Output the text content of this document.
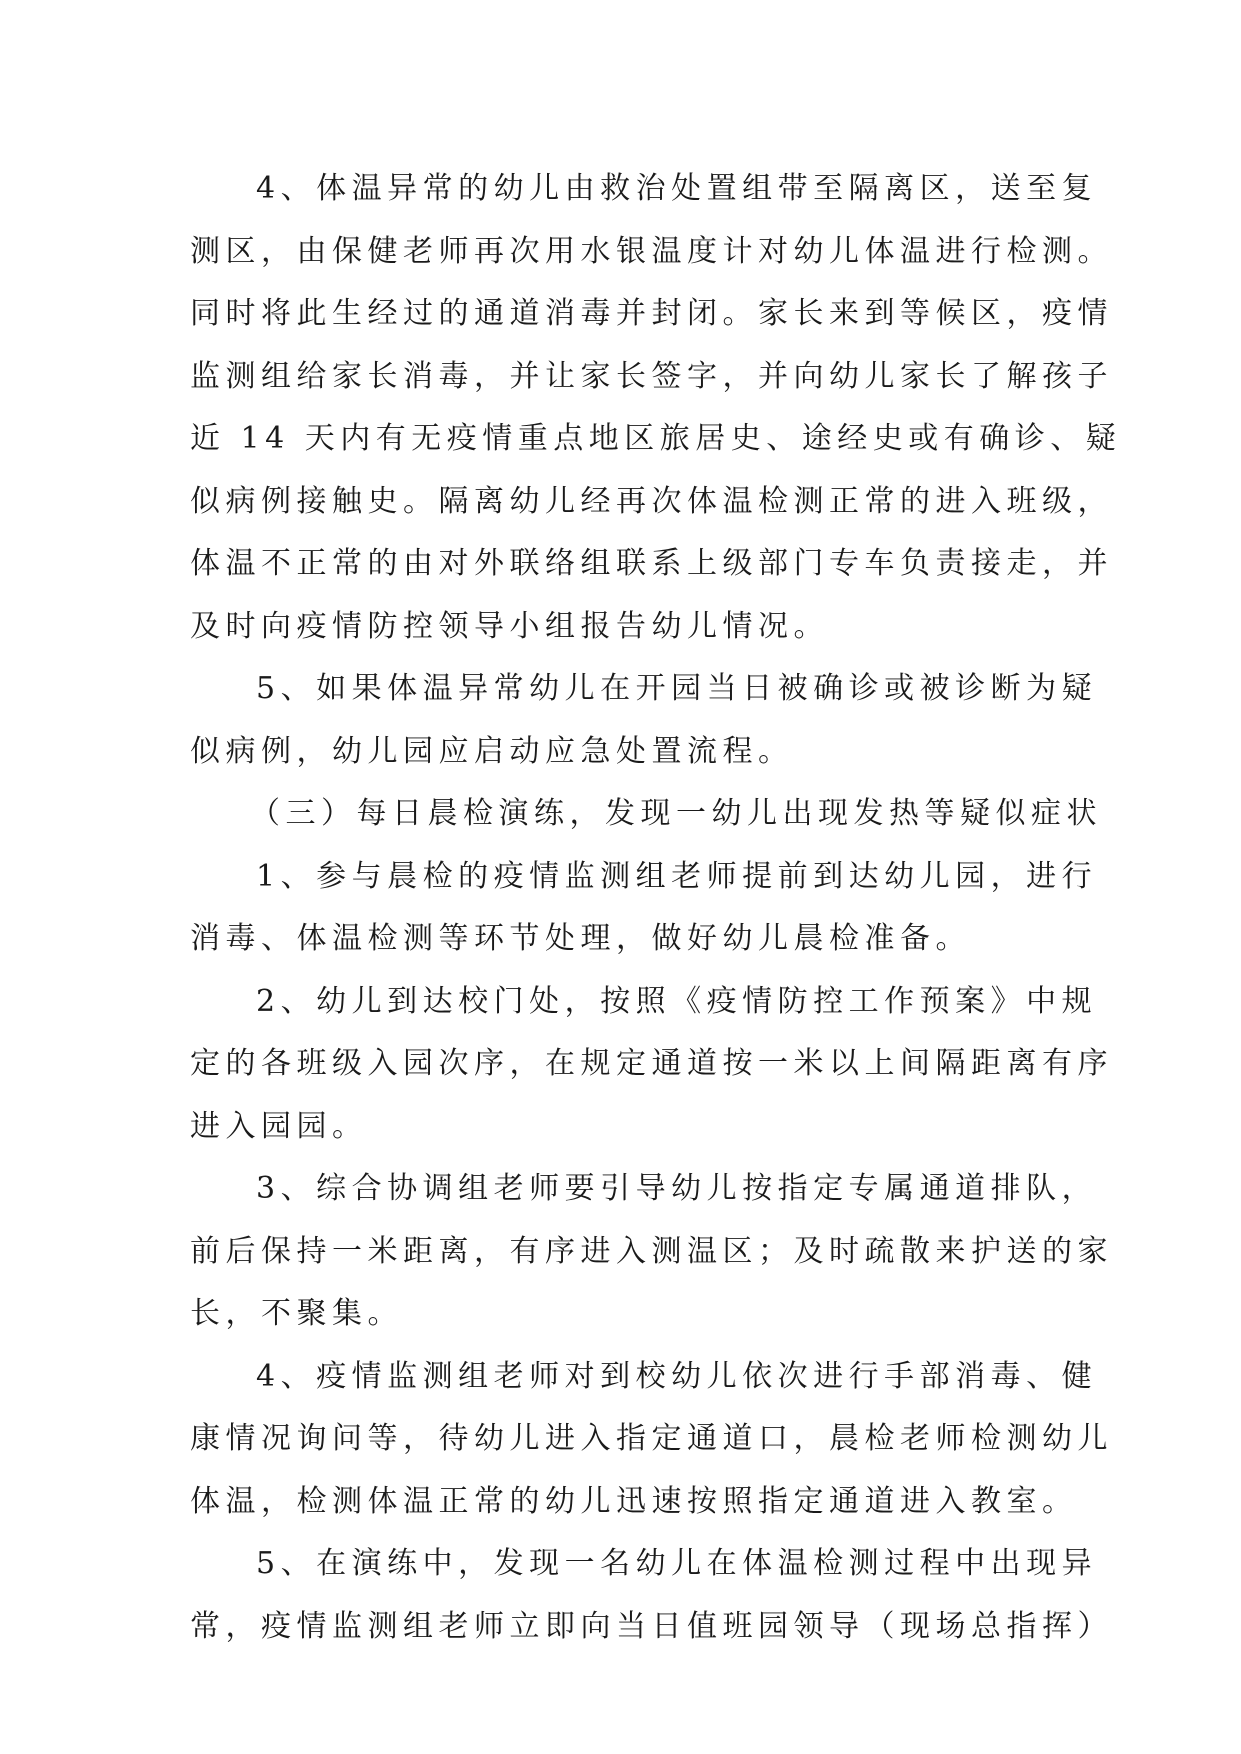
4、体温异常的幼儿由救治处置组带至隔离区，送至复
测区，由保健老师再次用水银温度计对幼儿体温进行检测。
同时将此生经过的通道消毒并封闭。家长来到等候区，疫情
监测组给家长消毒，并让家长签字，并向幼儿家长了解孩子
近 14 天内有无疫情重点地区旅居史、途经史或有确诊、疑
似病例接触史。隔离幼儿经再次体温检测正常的进入班级，
体温不正常的由对外联络组联系上级部门专车负责接走，并
及时向疫情防控领导小组报告幼儿情况。
5、如果体温异常幼儿在开园当日被确诊或被诊断为疑
似病例，幼儿园应启动应急处置流程。
（三）每日晨检演练，发现一幼儿出现发热等疑似症状
1、参与晨检的疫情监测组老师提前到达幼儿园，进行
消毒、体温检测等环节处理，做好幼儿晨检准备。
2、幼儿到达校门处，按照《疫情防控工作预案》中规
定的各班级入园次序，在规定通道按一米以上间隔距离有序
进入园园。
3、综合协调组老师要引导幼儿按指定专属通道排队，
前后保持一米距离，有序进入测温区；及时疏散来护送的家
长，不聚集。
4、疫情监测组老师对到校幼儿依次进行手部消毒、健
康情况询问等，待幼儿进入指定通道口，晨检老师检测幼儿
体温，检测体温正常的幼儿迅速按照指定通道进入教室。
5、在演练中，发现一名幼儿在体温检测过程中出现异
常，疫情监测组老师立即向当日值班园领导（现场总指挥）
